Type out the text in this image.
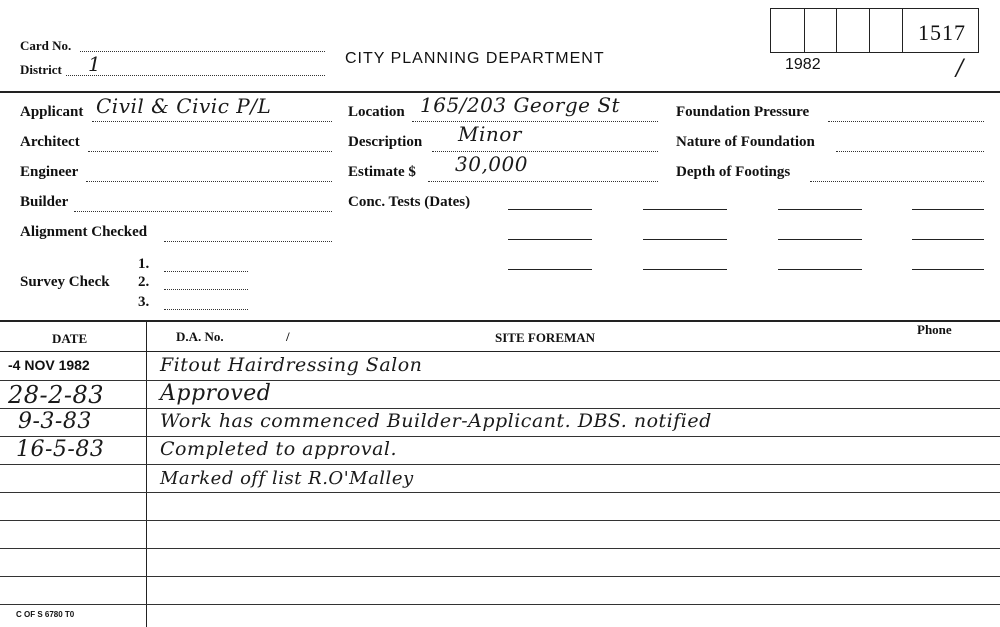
Card No.
District 1	CITY PLANNING DEPARTMENT
1517
1982	/
Applicant Civil & Civic P/L
Architect
Engineer
Builder
Alignment Checked
Survey Check
1.
2.
3.
Location 165/203 George St
Description Minor
Estimate $ 30,000
Conc. Tests (Dates)
Foundation Pressure
Nature of Foundation
Depth of Footings
DATE	D.A. No.	/	SITE FOREMAN
Phone
-4 NOV 1982	Fitout Hairdressing Salon
28-2-83	Approved
9-3-83	Work has commenced Builder-Applicant. DBS. notified
16-5-83	Completed to approval.
Marked off list R.O'Malley
C OF S 6780 T0
